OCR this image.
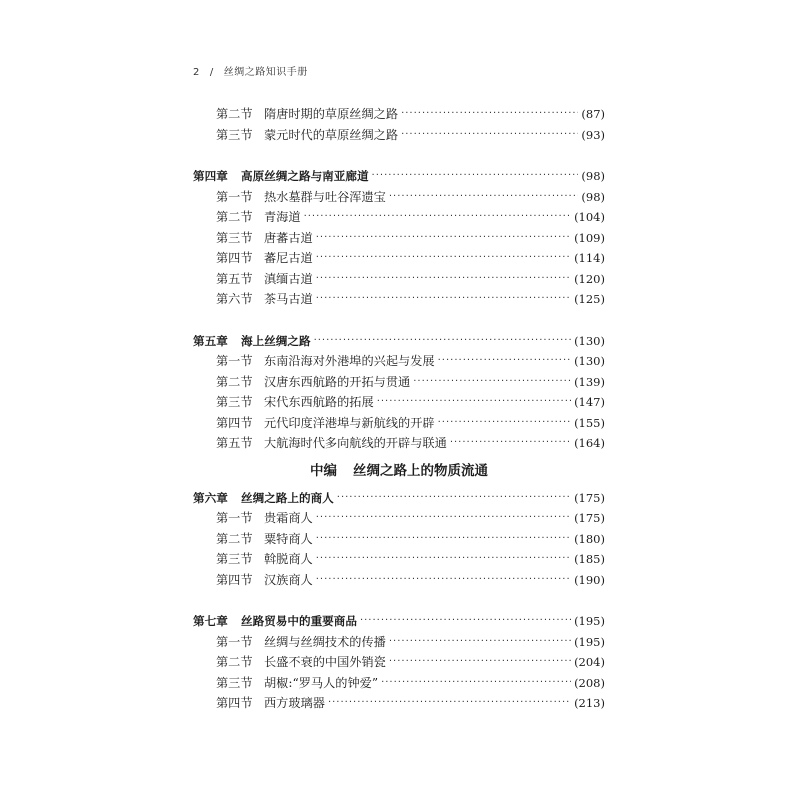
2 / 丝绸之路知识手册
第二节 隋唐时期的草原丝绸之路 ·····	(87)
第三节 蒙元时代的草原丝绸之路 ·····	(93)
第四章	高原丝绸之路与南亚廊道 ·····	(98)
第一节 热水墓群与吐谷浑遗宝 ·····	(98)
第二节 青海道 ·····	(104)
第三节 唐蕃古道 ·····	(109)
第四节 蕃尼古道 ·····	(114)
第五节 滇缅古道 ·····	(120)
第六节 茶马古道 ·····	(125)
第五章	海上丝绸之路 ·····	(130)
第一节 东南沿海对外港埠的兴起与发展 ·····	(130)
第二节 汉唐东西航路的开拓与贯通 ·····	(139)
第三节 宋代东西航路的拓展 ·····	(147)
第四节 元代印度洋港埠与新航线的开辟 ·····	(155)
第五节 大航海时代多向航线的开辟与联通 ·····	(164)
中编 丝绸之路上的物质流通
第六章	丝绸之路上的商人 ·····	(175)
第一节 贵霜商人 ·····	(175)
第二节 粟特商人 ·····	(180)
第三节 斡脱商人 ·····	(185)
第四节 汉族商人 ·····	(190)
第七章	丝路贸易中的重要商品 ·····	(195)
第一节 丝绸与丝绸技术的传播 ·····	(195)
第二节 长盛不衰的中国外销瓷 ·····	(204)
第三节 胡椒:“罗马人的钟爱” ·····	(208)
第四节 西方玻璃器 ·····	(213)
